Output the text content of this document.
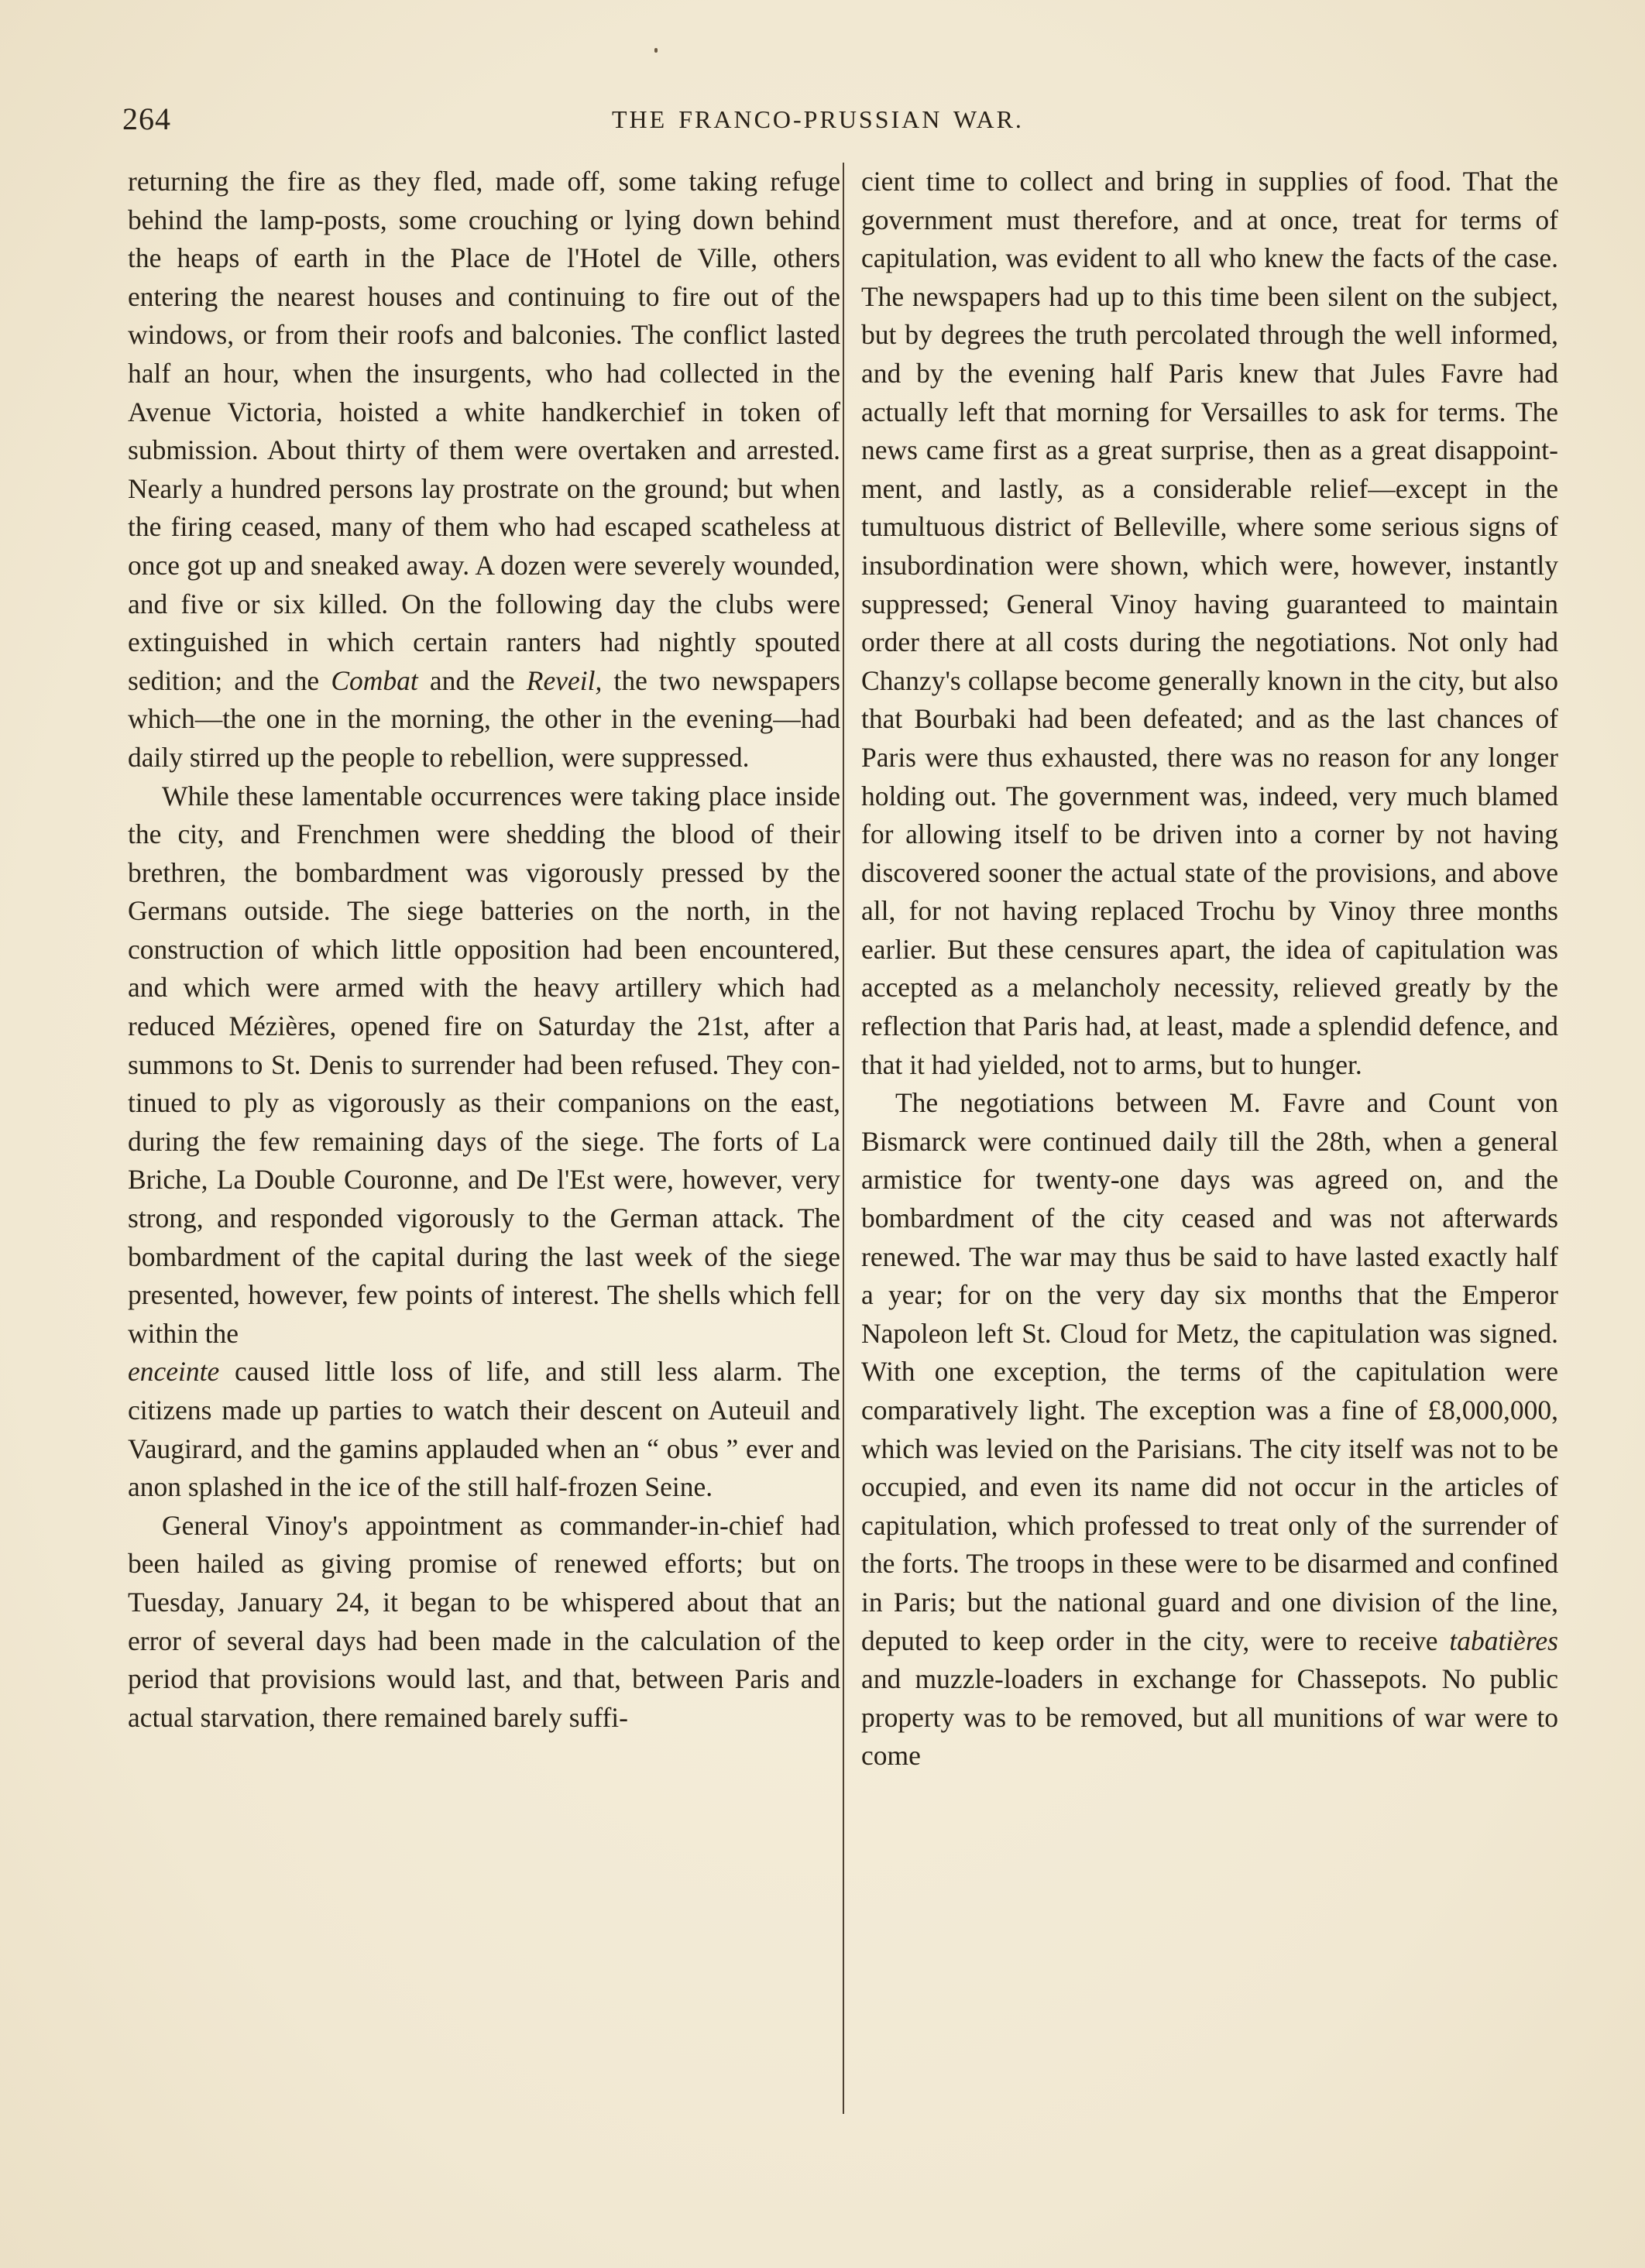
264	THE FRANCO-PRUSSIAN WAR.

returning the fire as they fled, made off, some taking refuge behind the lamp-posts, some crouching or lying down behind the heaps of earth in the Place de l'Hotel de Ville, others entering the nearest houses and continuing to fire out of the windows, or from their roofs and balconies. The conflict lasted half an hour, when the insurgents, who had collected in the Avenue Victoria, hoisted a white handkerchief in token of submission. About thirty of them were overtaken and arrested. Nearly a hundred persons lay prostrate on the ground; but when the firing ceased, many of them who had escaped scatheless at once got up and sneaked away. A dozen were severely wounded, and five or six killed. On the following day the clubs were extinguished in which certain ranters had nightly spouted sedition; and the Combat and the Reveil, the two newspapers which—the one in the morning, the other in the evening—had daily stirred up the people to rebellion, were suppressed.

While these lamentable occurrences were taking place inside the city, and Frenchmen were shedding the blood of their brethren, the bombardment was vigorously pressed by the Germans outside. The siege batteries on the north, in the construction of which little opposition had been encountered, and which were armed with the heavy artillery which had reduced Mézières, opened fire on Saturday the 21st, after a summons to St. Denis to surrender had been refused. They continued to ply as vigorously as their companions on the east, during the few remaining days of the siege. The forts of La Briche, La Double Couronne, and De l'Est were, however, very strong, and responded vigorously to the German attack. The bombardment of the capital during the last week of the siege presented, however, few points of interest. The shells which fell within the
enceinte caused little loss of life, and still less alarm. The citizens made up parties to watch their descent on Auteuil and Vaugirard, and the gamins applauded when an “ obus ” ever and anon splashed in the ice of the still half-frozen Seine.

General Vinoy's appointment as commander-in-chief had been hailed as giving promise of renewed efforts; but on Tuesday, January 24, it began to be whispered about that an error of several days had been made in the calculation of the period that provisions would last, and that, between Paris and actual starvation, there remained barely suffi-

cient time to collect and bring in supplies of food. That the government must therefore, and at once, treat for terms of capitulation, was evident to all who knew the facts of the case. The newspapers had up to this time been silent on the subject, but by degrees the truth percolated through the well informed, and by the evening half Paris knew that Jules Favre had actually left that morning for Versailles to ask for terms. The news came first as a great surprise, then as a great disappointment, and lastly, as a considerable relief—except in the tumultuous district of Belleville, where some serious signs of insubordination were shown, which were, however, instantly suppressed; General Vinoy having guaranteed to maintain order there at all costs during the negotiations. Not only had Chanzy's collapse become generally known in the city, but also that Bourbaki had been defeated; and as the last chances of Paris were thus exhausted, there was no reason for any longer holding out. The government was, indeed, very much blamed for allowing itself to be driven into a corner by not having discovered sooner the actual state of the provisions, and above all, for not having replaced Trochu by Vinoy three months earlier. But these censures apart, the idea of capitulation was accepted as a melancholy necessity, relieved greatly by the reflection that Paris had, at least, made a splendid defence, and that it had yielded, not to arms, but to hunger.

The negotiations between M. Favre and Count von Bismarck were continued daily till the 28th, when a general armistice for twenty-one days was agreed on, and the bombardment of the city ceased and was not afterwards renewed. The war may thus be said to have lasted exactly half a year; for on the very day six months that the Emperor Napoleon left St. Cloud for Metz, the capitulation was signed. With one exception, the terms of the capitulation were comparatively light. The exception was a fine of £8,000,000, which was levied on the Parisians. The city itself was not to be occupied, and even its name did not occur in the articles of capitulation, which professed to treat only of the surrender of the forts. The troops in these were to be disarmed and confined in Paris; but the national guard and one division of the line, deputed to keep order in the city, were to receive tabatières and muzzle-loaders in exchange for Chassepots. No public property was to be removed, but all munitions of war were to come
